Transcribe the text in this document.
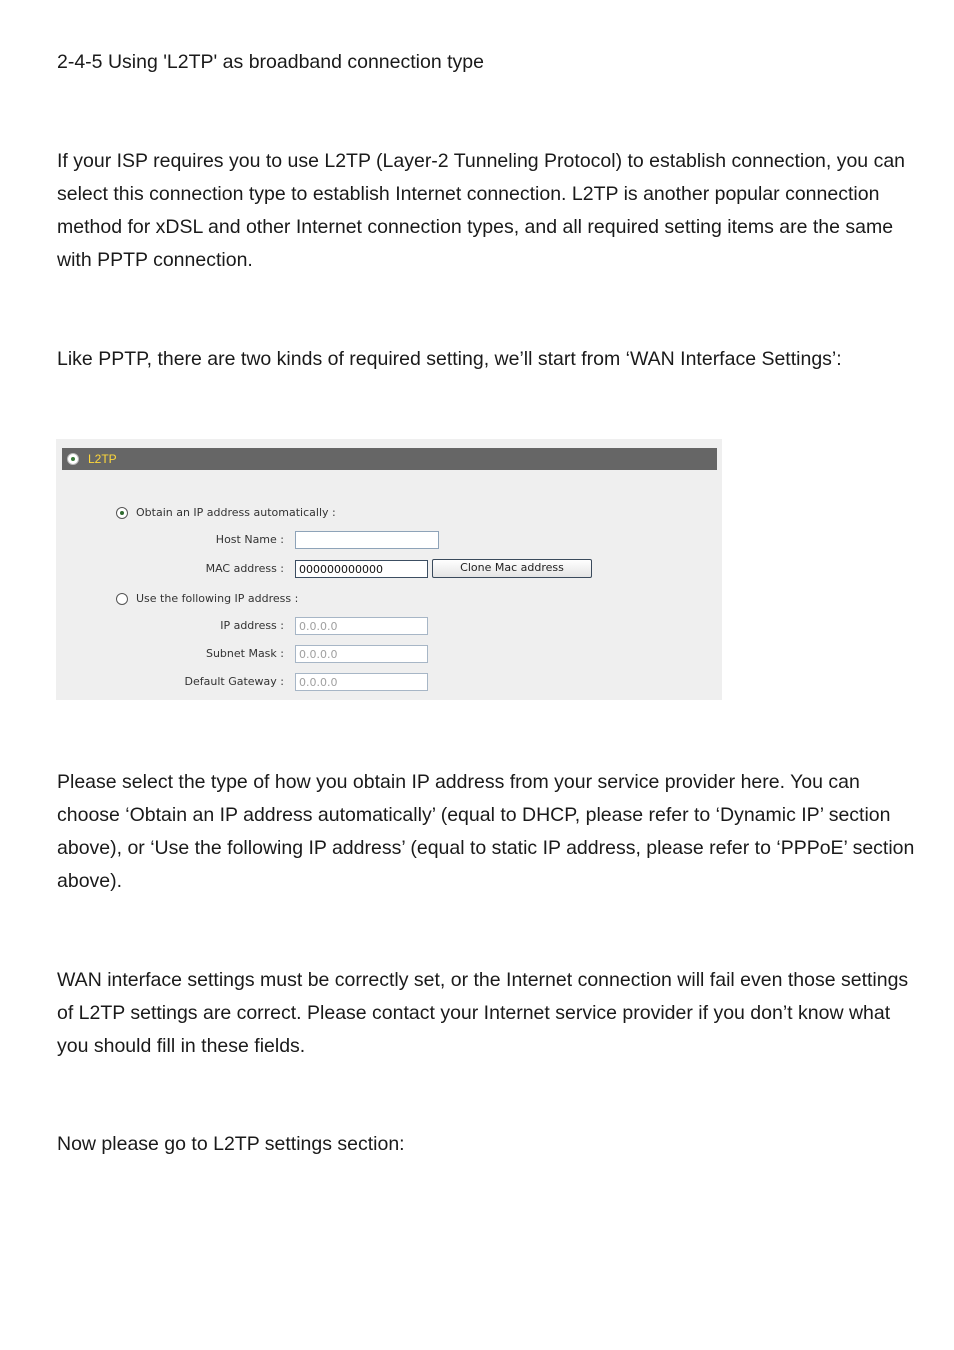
2-4-5 Using 'L2TP' as broadband connection type

If your ISP requires you to use L2TP (Layer-2 Tunneling Protocol) to establish connection, you can select this connection type to establish Internet connection. L2TP is another popular connection method for xDSL and other Internet connection types, and all required setting items are the same with PPTP connection.

Like PPTP, there are two kinds of required setting, we’ll start from ‘WAN Interface Settings’:

L2TP
Obtain an IP address automatically :
Host Name :
MAC address :
000000000000	Clone Mac address
Use the following IP address :
IP address :
0.0.0.0
Subnet Mask :
0.0.0.0
Default Gateway :
0.0.0.0

Please select the type of how you obtain IP address from your service provider here. You can choose ‘Obtain an IP address automatically’ (equal to DHCP, please refer to ‘Dynamic IP’ section above), or ‘Use the following IP address’ (equal to static IP address, please refer to ‘PPPoE’ section above).

WAN interface settings must be correctly set, or the Internet connection will fail even those settings of L2TP settings are correct. Please contact your Internet service provider if you don’t know what you should fill in these fields.

Now please go to L2TP settings section:
